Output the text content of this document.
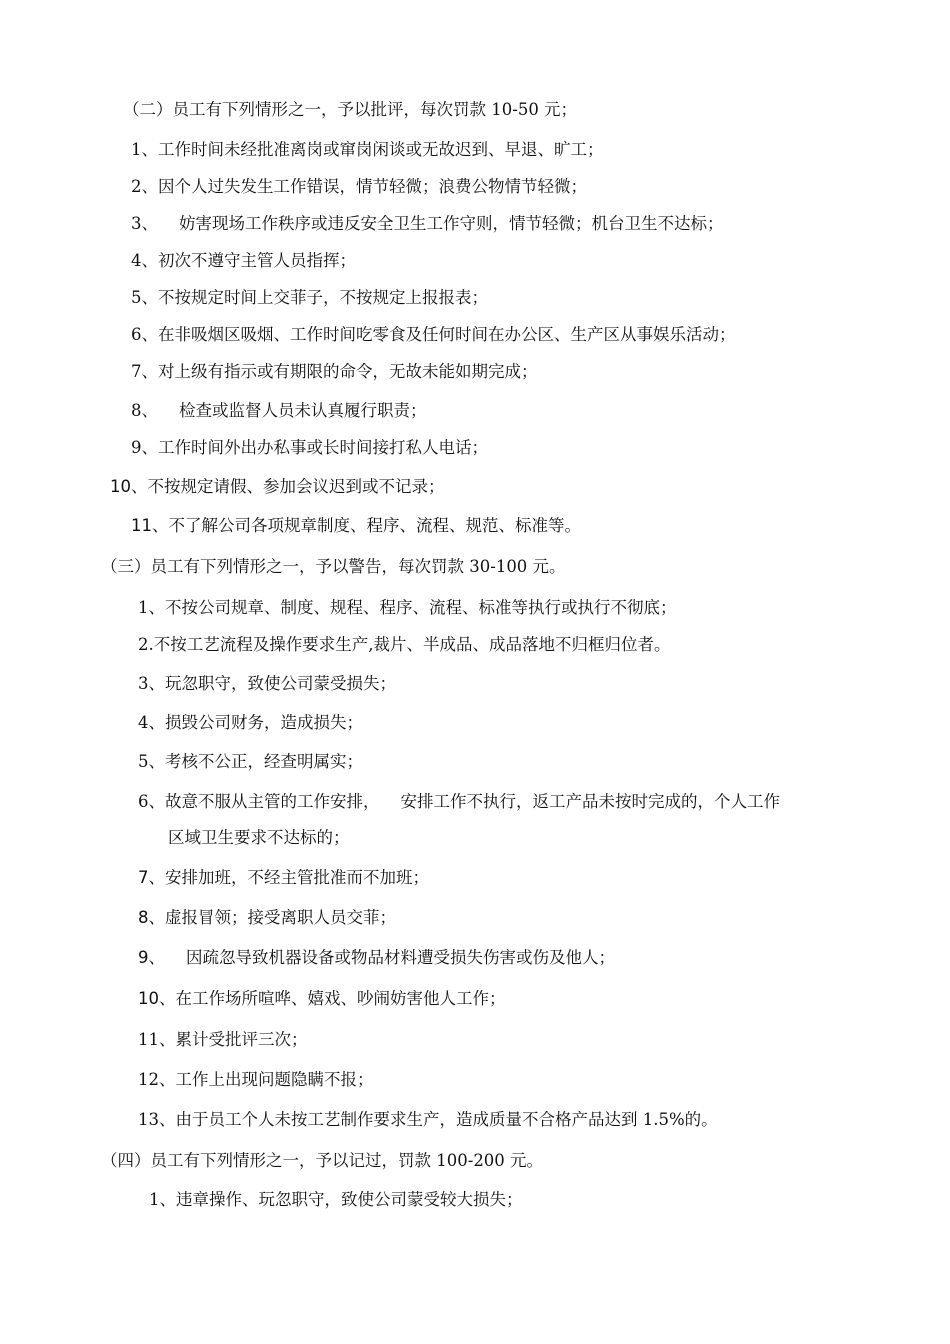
（二）员工有下列情形之一，予以批评，每次罚款 10-50 元；
1、工作时间未经批准离岗或窜岗闲谈或无故迟到、早退、旷工；
2、因个人过失发生工作错误，情节轻微；浪费公物情节轻微；
3、    妨害现场工作秩序或违反安全卫生工作守则，情节轻微；机台卫生不达标；
4、初次不遵守主管人员指挥；
5、不按规定时间上交菲子，不按规定上报报表；
6、在非吸烟区吸烟、工作时间吃零食及任何时间在办公区、生产区从事娱乐活动；
7、对上级有指示或有期限的命令，无故未能如期完成；
8、    检查或监督人员未认真履行职责；
9、工作时间外出办私事或长时间接打私人电话；
10、不按规定请假、参加会议迟到或不记录；
11、不了解公司各项规章制度、程序、流程、规范、标准等。
（三）员工有下列情形之一，予以警告，每次罚款 30-100 元。
1、不按公司规章、制度、规程、程序、流程、标准等执行或执行不彻底；
2.不按工艺流程及操作要求生产,裁片、半成品、成品落地不归框归位者。
3、玩忽职守，致使公司蒙受损失；
4、损毁公司财务，造成损失；
5、考核不公正，经查明属实；
6、故意不服从主管的工作安排，    安排工作不执行，返工产品未按时完成的，个人工作
区域卫生要求不达标的；
7、安排加班，不经主管批准而不加班；
8、虚报冒领；接受离职人员交菲；
9、    因疏忽导致机器设备或物品材料遭受损失伤害或伤及他人；
10、在工作场所喧哗、嬉戏、吵闹妨害他人工作；
11、累计受批评三次；
12、工作上出现问题隐瞒不报；
13、由于员工个人未按工艺制作要求生产，造成质量不合格产品达到 1.5%的。
（四）员工有下列情形之一，予以记过，罚款 100-200 元。
1、违章操作、玩忽职守，致使公司蒙受较大损失；
